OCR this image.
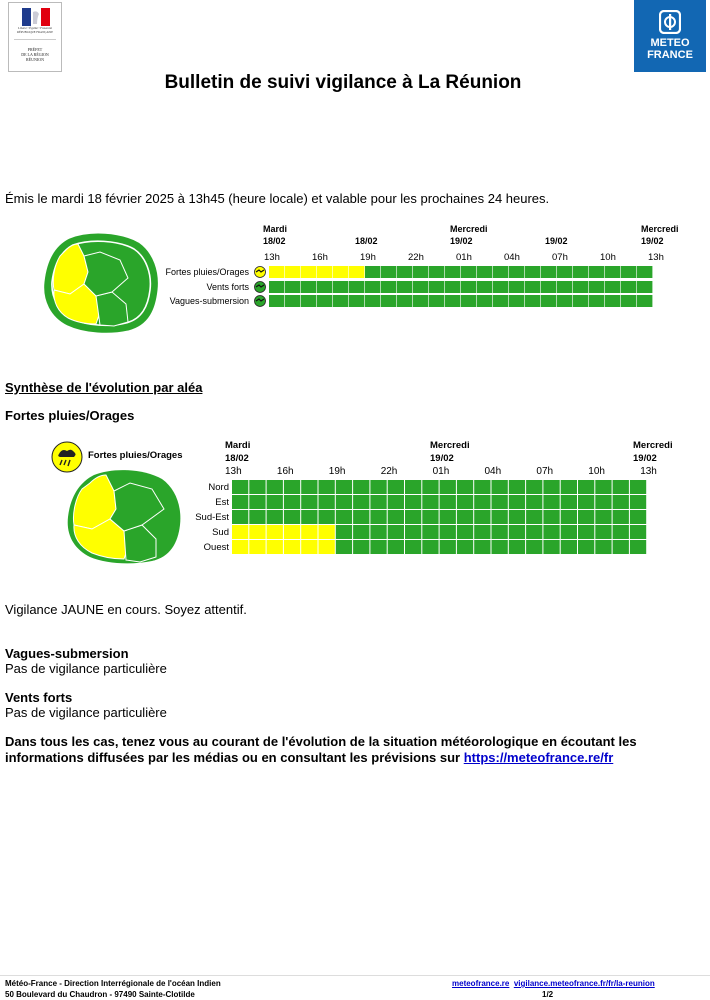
Liberté • Égalité • Fraternité
RÉPUBLIQUE FRANÇAISE
PRÉFET
DE LA RÉGION
RÉUNION
METEO
FRANCE
Bulletin de suivi vigilance à La Réunion
Émis le mardi 18 février 2025 à 13h45 (heure locale) et valable pour les prochaines 24 heures.
Mardi
18/02	18/02
Mercredi
19/02	19/02
Mercredi
19/02
13h	16h	19h	22h	01h	04h	07h	10h	13h
Fortes pluies/Orages
Vents forts
Vagues-submersion
Synthèse de l'évolution par aléa
Fortes pluies/Orages
Fortes pluies/Orages
Mardi
18/02
Mercredi
19/02
Mercredi
19/02
13h	16h	19h	22h	01h	04h	07h	10h	13h
Nord
Est
Sud-Est
Sud
Ouest
Vigilance JAUNE en cours. Soyez attentif.
Vagues-submersion
Pas de vigilance particulière
Vents forts
Pas de vigilance particulière
Dans tous les cas, tenez vous au courant de l'évolution de la situation météorologique en écoutant les informations diffusées par les médias ou en consultant les prévisions sur https://meteofrance.re/fr
Météo-France - Direction Interrégionale de l'océan Indien
50 Boulevard du Chaudron - 97490 Sainte-Clotilde
meteofrance.re vigilance.meteofrance.fr/fr/la-reunion
1/2
